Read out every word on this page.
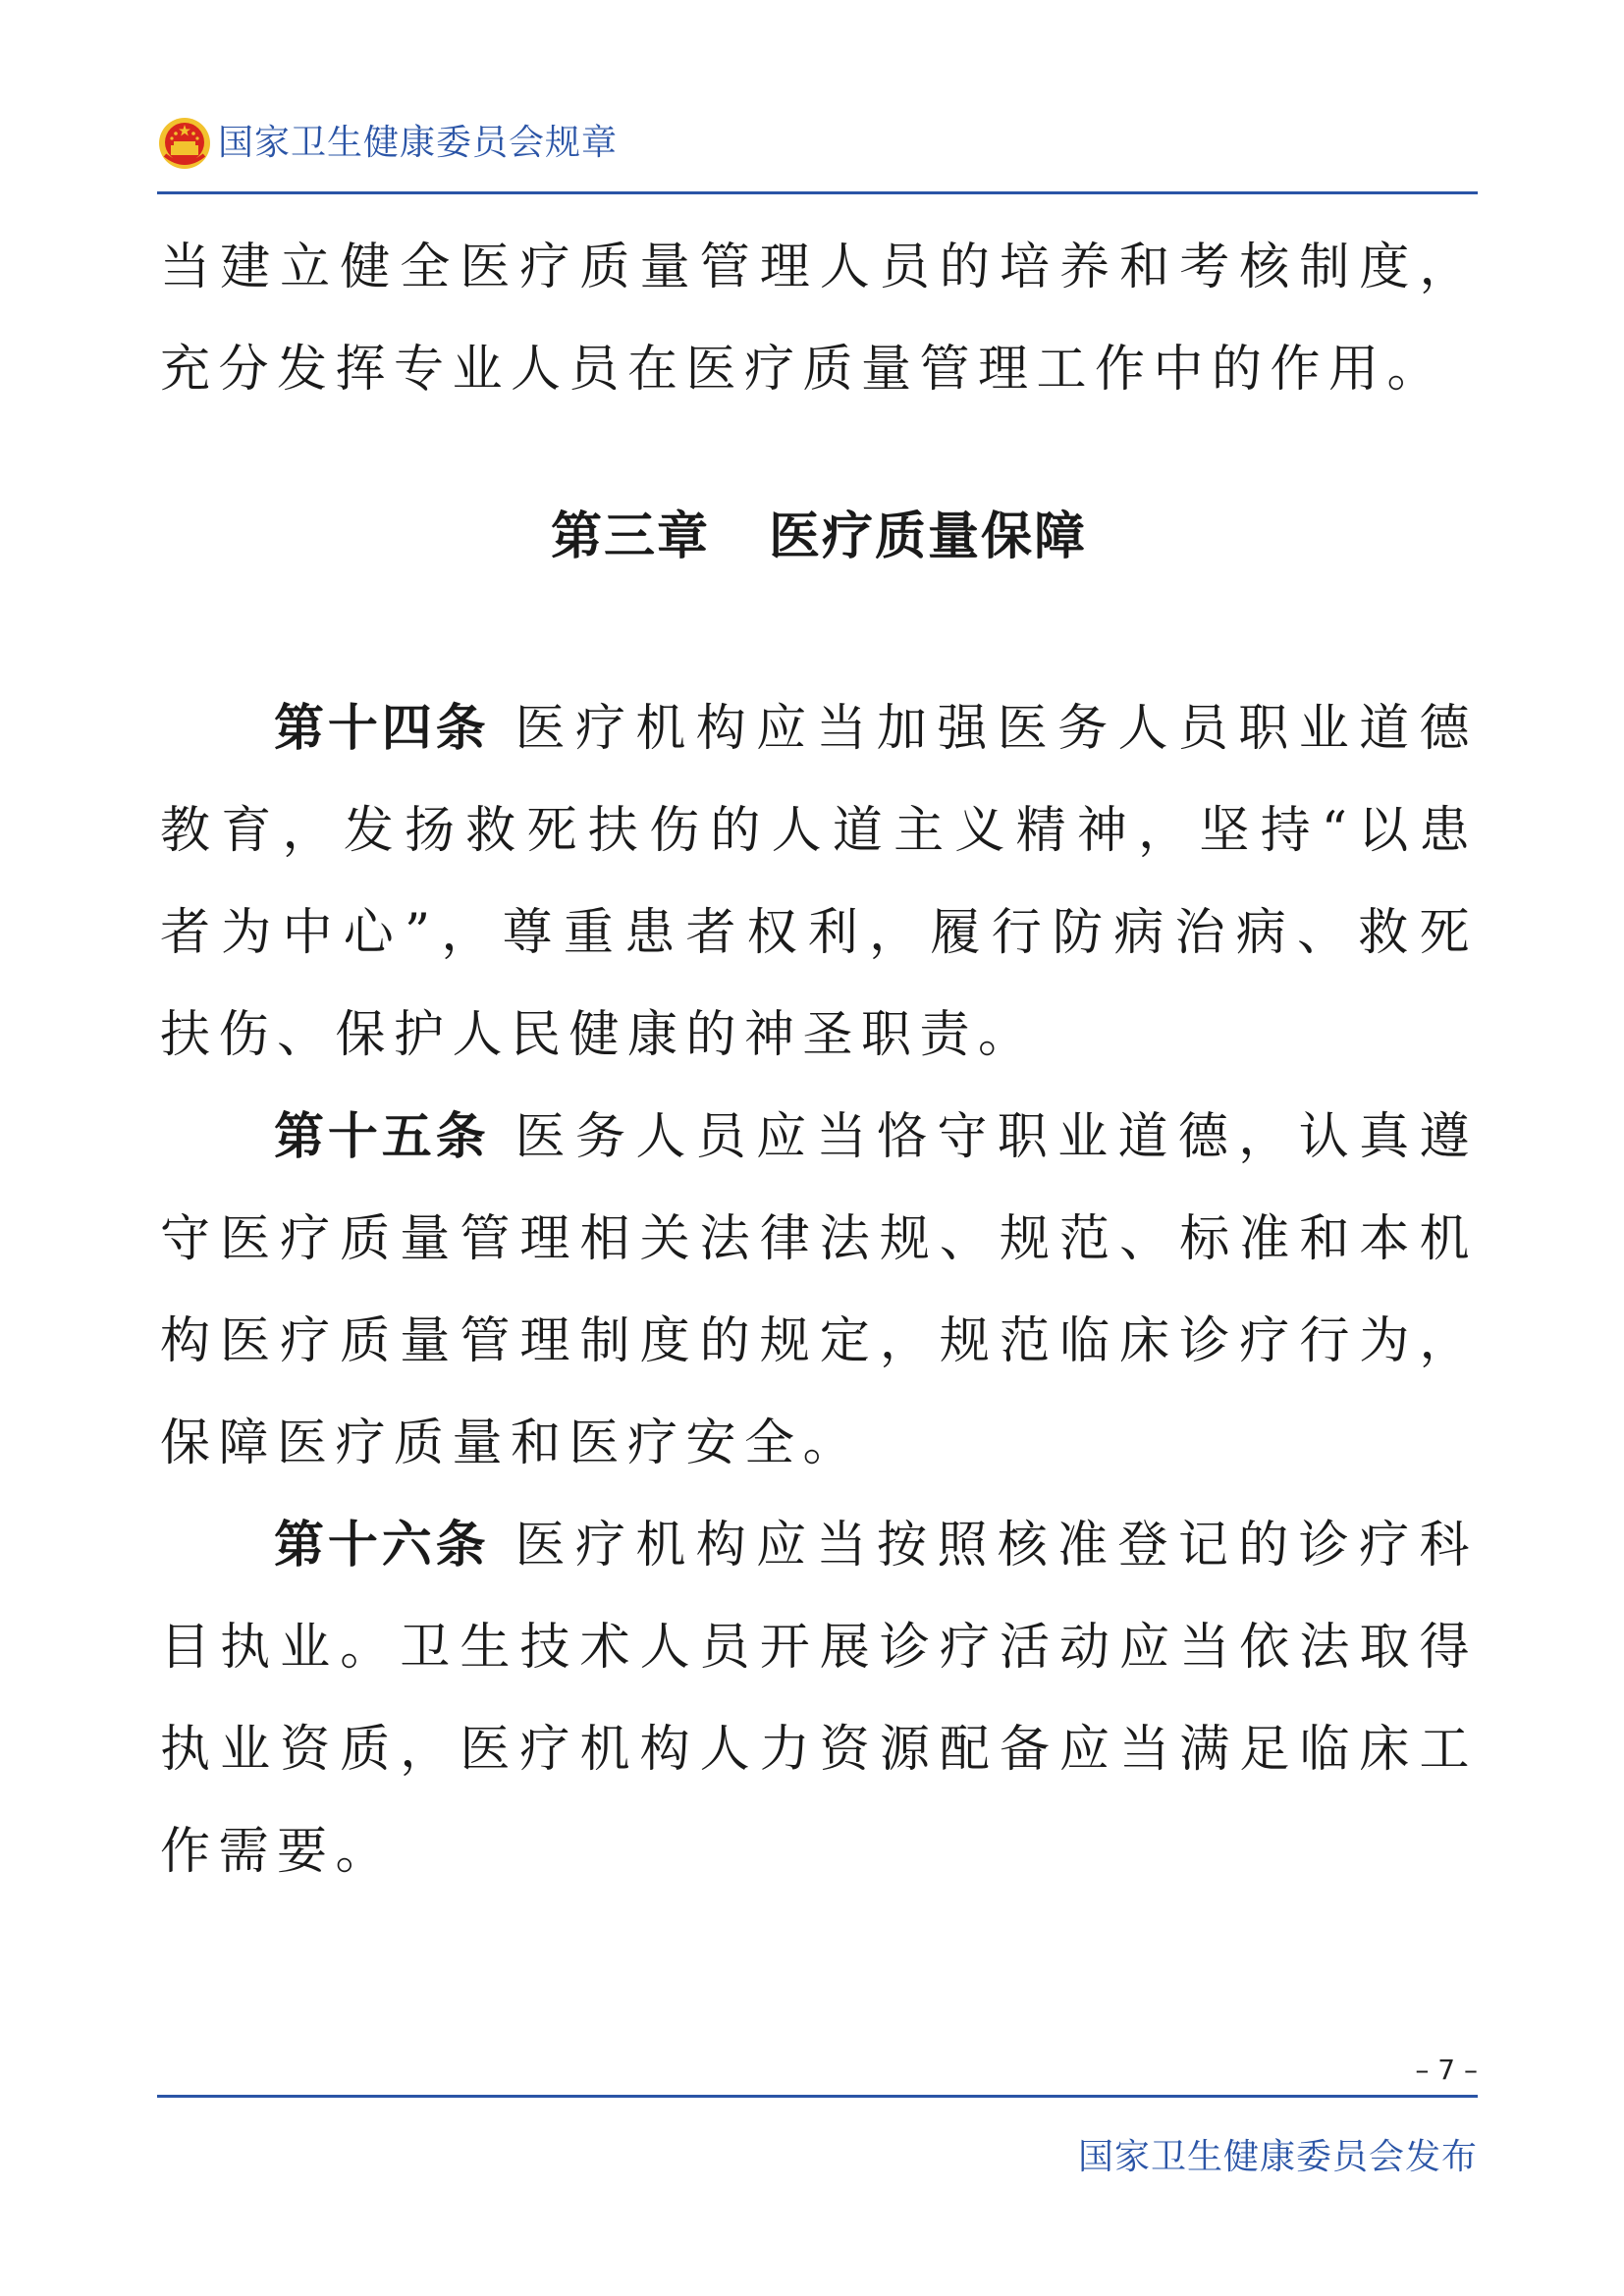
国家卫生健康委员会规章

当建立健全医疗质量管理人员的培养和考核制度，充分发挥专业人员在医疗质量管理工作中的作用。

第三章 医疗质量保障

第十四条 医疗机构应当加强医务人员职业道德教育，发扬救死扶伤的人道主义精神，坚持“以患者为中心”，尊重患者权利，履行防病治病、救死扶伤、保护人民健康的神圣职责。

第十五条 医务人员应当恪守职业道德，认真遵守医疗质量管理相关法律法规、规范、标准和本机构医疗质量管理制度的规定，规范临床诊疗行为，保障医疗质量和医疗安全。

第十六条 医疗机构应当按照核准登记的诊疗科目执业。卫生技术人员开展诊疗活动应当依法取得执业资质，医疗机构人力资源配备应当满足临床工作需要。

– 7 –
国家卫生健康委员会发布
